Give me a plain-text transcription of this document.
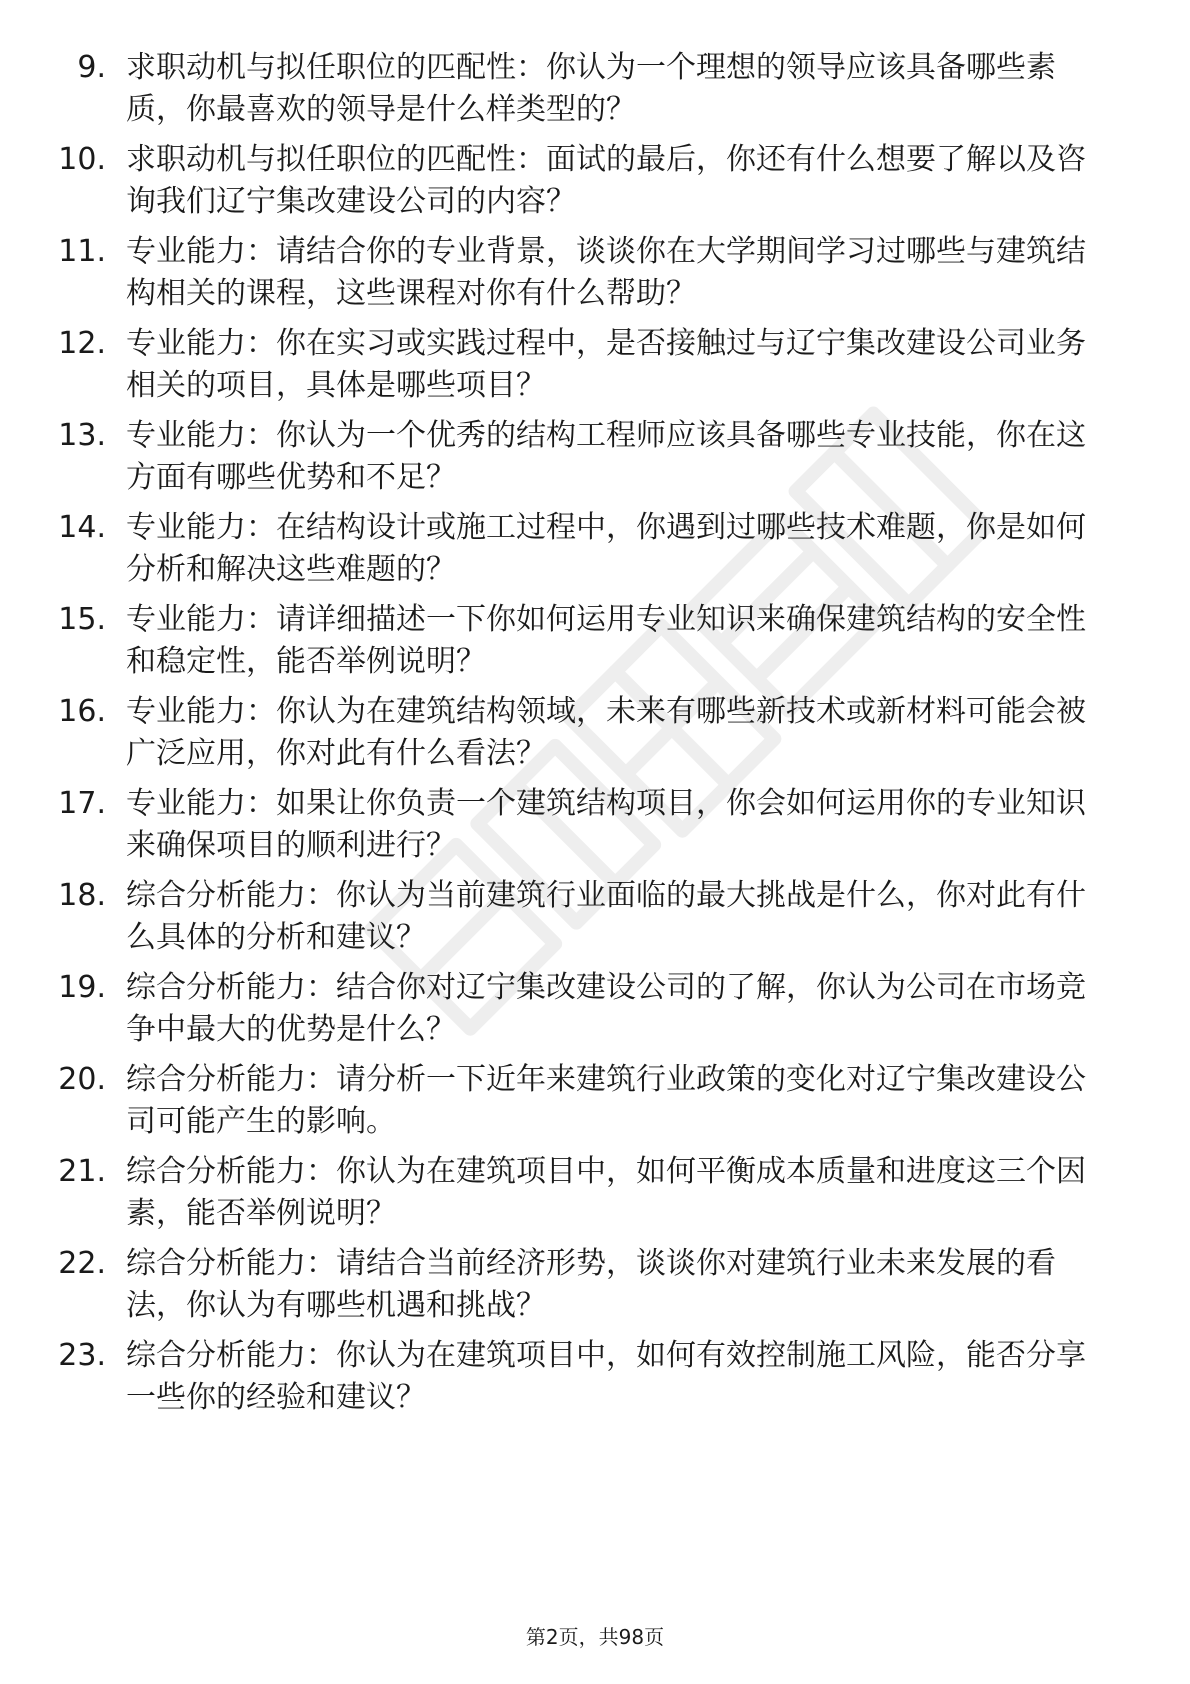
9. 求职动机与拟任职位的匹配性：你认为一个理想的领导应该具备哪些素质，你最喜欢的领导是什么样类型的？
10. 求职动机与拟任职位的匹配性：面试的最后，你还有什么想要了解以及咨询我们辽宁集改建设公司的内容？
11. 专业能力：请结合你的专业背景，谈谈你在大学期间学习过哪些与建筑结构相关的课程，这些课程对你有什么帮助？
12. 专业能力：你在实习或实践过程中，是否接触过与辽宁集改建设公司业务相关的项目，具体是哪些项目？
13. 专业能力：你认为一个优秀的结构工程师应该具备哪些专业技能，你在这方面有哪些优势和不足？
14. 专业能力：在结构设计或施工过程中，你遇到过哪些技术难题，你是如何分析和解决这些难题的？
15. 专业能力：请详细描述一下你如何运用专业知识来确保建筑结构的安全性和稳定性，能否举例说明？
16. 专业能力：你认为在建筑结构领域，未来有哪些新技术或新材料可能会被广泛应用，你对此有什么看法？
17. 专业能力：如果让你负责一个建筑结构项目，你会如何运用你的专业知识来确保项目的顺利进行？
18. 综合分析能力：你认为当前建筑行业面临的最大挑战是什么，你对此有什么具体的分析和建议？
19. 综合分析能力：结合你对辽宁集改建设公司的了解，你认为公司在市场竞争中最大的优势是什么？
20. 综合分析能力：请分析一下近年来建筑行业政策的变化对辽宁集改建设公司可能产生的影响。
21. 综合分析能力：你认为在建筑项目中，如何平衡成本质量和进度这三个因素，能否举例说明？
22. 综合分析能力：请结合当前经济形势，谈谈你对建筑行业未来发展的看法，你认为有哪些机遇和挑战？
23. 综合分析能力：你认为在建筑项目中，如何有效控制施工风险，能否分享一些你的经验和建议？
第2页，共98页
